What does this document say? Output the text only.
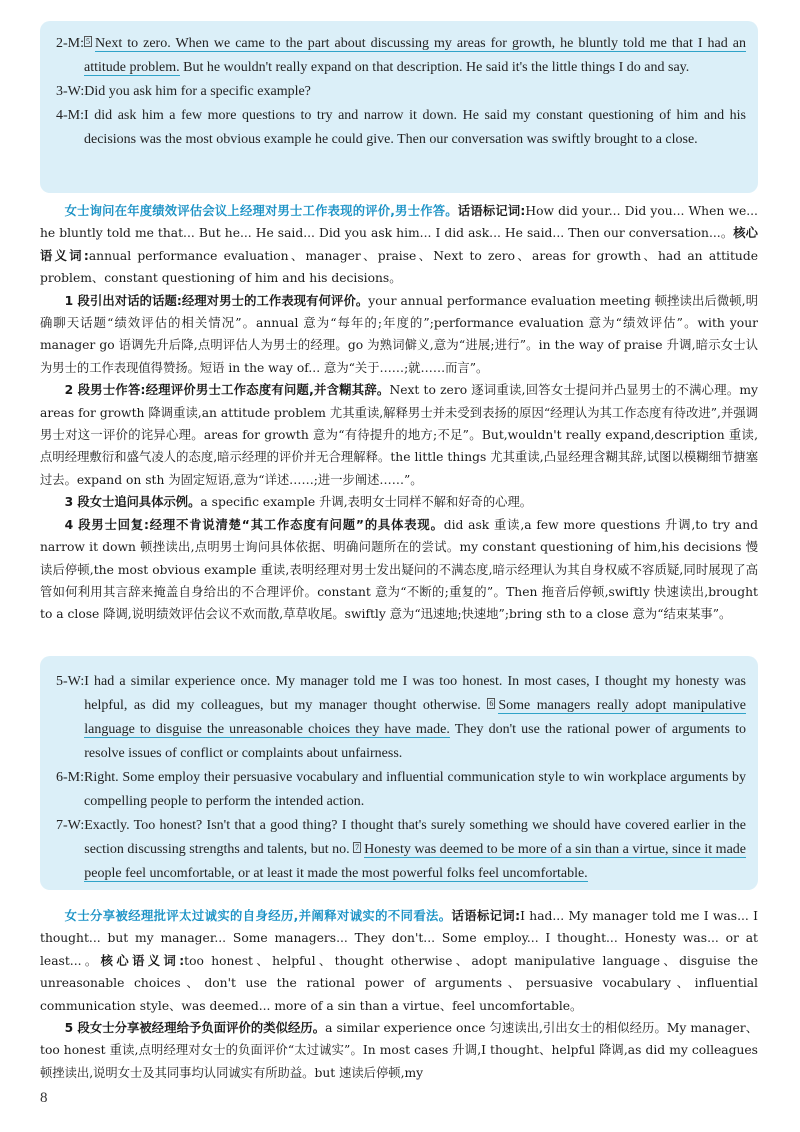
2-M: 5 Next to zero. When we came to the part about discussing my areas for growth, he bluntly told me that I had an attitude problem. But he wouldn't really expand on that description. He said it's the little things I do and say.
3-W: Did you ask him for a specific example?
4-M: I did ask him a few more questions to try and narrow it down. He said my constant questioning of him and his decisions was the most obvious example he could give. Then our conversation was swiftly brought to a close.

女士询问在年度绩效评估会议上经理对男士工作表现的评价,男士作答。话语标记词:How did your... Did you... When we... he bluntly told me that... But he... He said... Did you ask him... I did ask... He said... Then our conversation...。核心语义词:annual performance evaluation、manager、praise、Next to zero、areas for growth、had an attitude problem、constant questioning of him and his decisions。

1 段引出对话的话题:经理对男士的工作表现有何评价。your annual performance evaluation meeting 顿挫读出后微顿,明确聊天话题“绩效评估的相关情况”。annual 意为“每年的;年度的”;performance evaluation 意为“绩效评估”。with your manager go 语调先升后降,点明评估人为男士的经理。go 为熟词僻义,意为“进展;进行”。in the way of praise 升调,暗示女士认为男士的工作表现值得赞扬。短语 in the way of... 意为“关于……;就……而言”。

2 段男士作答:经理评价男士工作态度有问题,并含糊其辞。Next to zero 逐词重读,回答女士提问并凸显男士的不满心理。my areas for growth 降调重读,an attitude problem 尤其重读,解释男士并未受到表扬的原因“经理认为其工作态度有待改进”,并强调男士对这一评价的诧异心理。areas for growth 意为“有待提升的地方;不足”。But,wouldn't really expand,description 重读,点明经理敷衍和盛气凌人的态度,暗示经理的评价并无合理解释。the little things 尤其重读,凸显经理含糊其辞,试图以模糊细节搪塞过去。expand on sth 为固定短语,意为“详述……;进一步阐述……”。

3 段女士追问具体示例。a specific example 升调,表明女士同样不解和好奇的心理。

4 段男士回复:经理不肯说清楚“其工作态度有问题”的具体表现。did ask 重读,a few more questions 升调,to try and narrow it down 顿挫读出,点明男士询问具体依据、明确问题所在的尝试。my constant questioning of him,his decisions 慢读后停顿,the most obvious example 重读,表明经理对男士发出疑问的不满态度,暗示经理认为其自身权威不容质疑,同时展现了高管如何利用其言辞来掩盖自身给出的不合理评价。constant 意为“不断的;重复的”。Then 拖音后停顿,swiftly 快速读出,brought to a close 降调,说明绩效评估会议不欢而散,草草收尾。swiftly 意为“迅速地;快速地”;bring sth to a close 意为“结束某事”。

5-W: I had a similar experience once. My manager told me I was too honest. In most cases, I thought my honesty was helpful, as did my colleagues, but my manager thought otherwise. 6 Some managers really adopt manipulative language to disguise the unreasonable choices they have made. They don't use the rational power of arguments to resolve issues of conflict or complaints about unfairness.
6-M: Right. Some employ their persuasive vocabulary and influential communication style to win workplace arguments by compelling people to perform the intended action.
7-W: Exactly. Too honest? Isn't that a good thing? I thought that's surely something we should have covered earlier in the section discussing strengths and talents, but no. 7 Honesty was deemed to be more of a sin than a virtue, since it made people feel uncomfortable, or at least it made the most powerful folks feel uncomfortable.

女士分享被经理批评太过诚实的自身经历,并阐释对诚实的不同看法。话语标记词:I had... My manager told me I was... I thought... but my manager... Some managers... They don't... Some employ... I thought... Honesty was... or at least...。核心语义词:too honest、helpful、thought otherwise、adopt manipulative language、disguise the unreasonable choices、don't use the rational power of arguments、persuasive vocabulary、influential communication style、was deemed... more of a sin than a virtue、feel uncomfortable。

5 段女士分享被经理给予负面评价的类似经历。a similar experience once 匀速读出,引出女士的相似经历。My manager、too honest 重读,点明经理对女士的负面评价“太过诚实”。In most cases 升调,I thought、helpful 降调,as did my colleagues 顿挫读出,说明女士及其同事均认同诚实有所助益。but 速读后停顿,my

8
